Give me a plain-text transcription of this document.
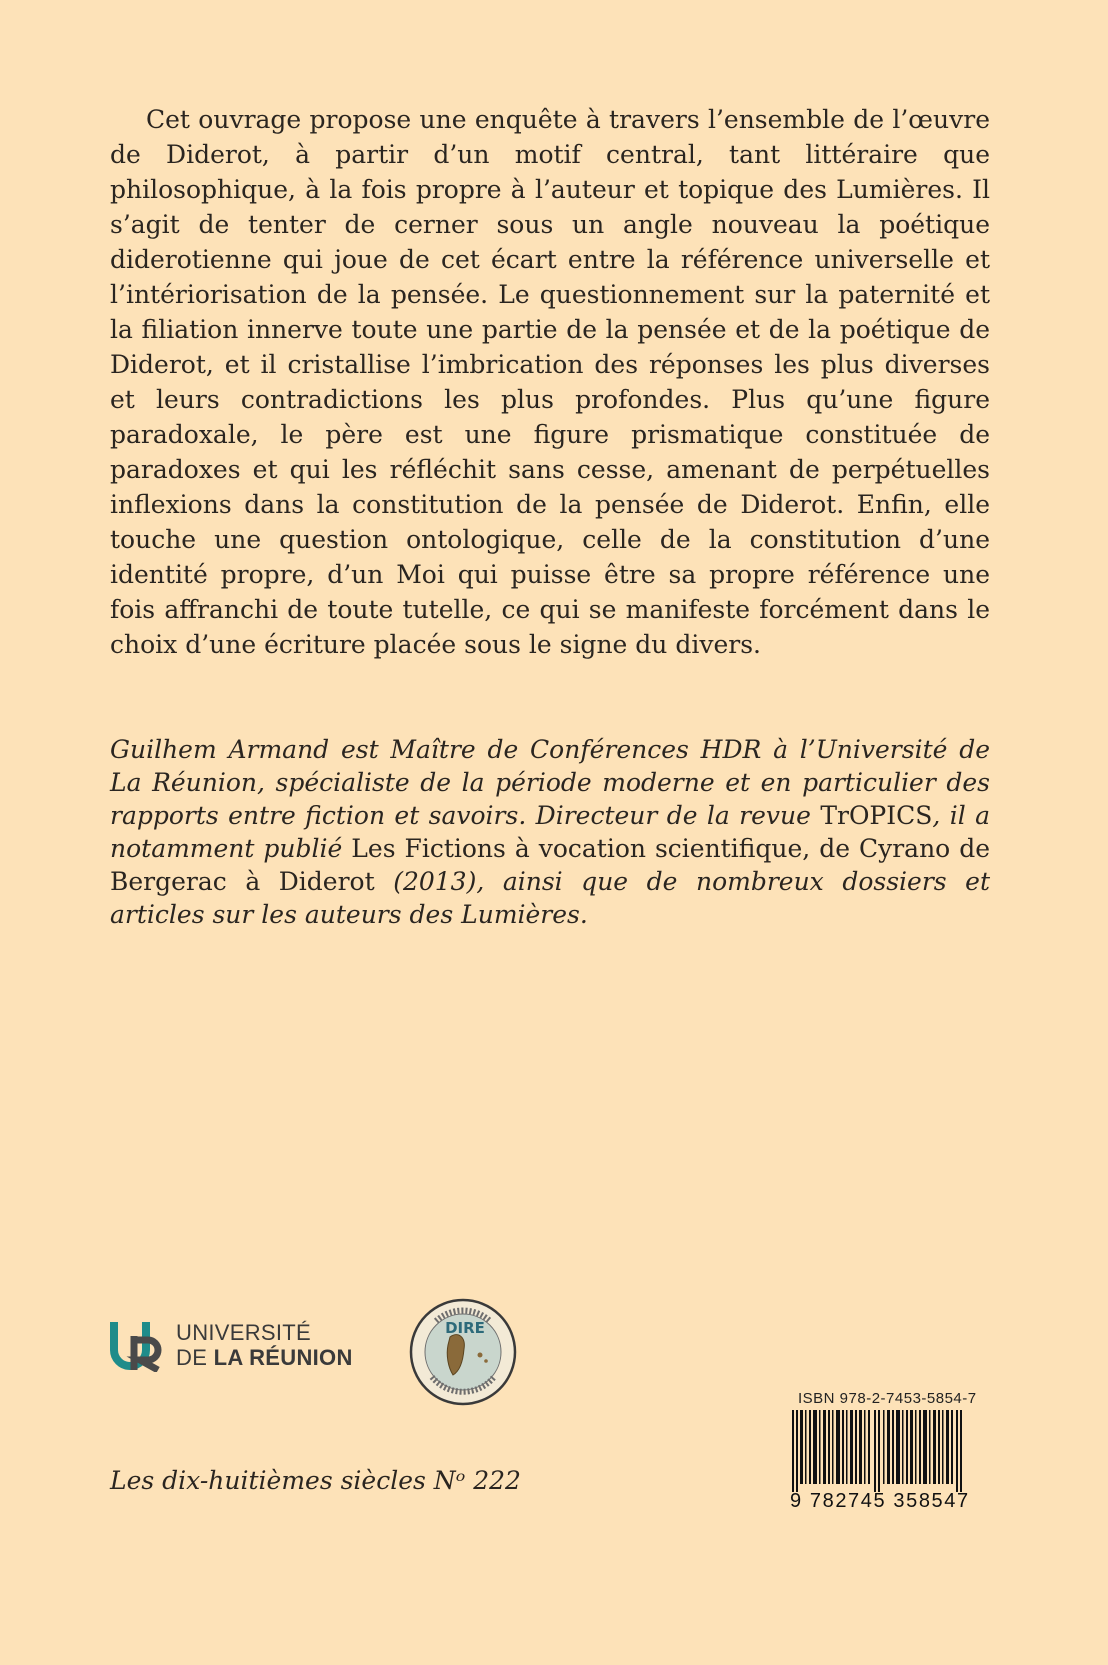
Cet ouvrage propose une enquête à travers l’ensemble de l’œuvre de Diderot, à partir d’un motif central, tant littéraire que philosophique, à la fois propre à l’auteur et topique des Lumières. Il s’agit de tenter de cerner sous un angle nouveau la poétique diderotienne qui joue de cet écart entre la référence universelle et l’intériorisation de la pensée. Le questionnement sur la paternité et la filiation innerve toute une partie de la pensée et de la poétique de Diderot, et il cristallise l’imbrication des réponses les plus diverses et leurs contradictions les plus profondes. Plus qu’une figure paradoxale, le père est une figure prismatique constituée de paradoxes et qui les réfléchit sans cesse, amenant de perpétuelles inflexions dans la constitution de la pensée de Diderot. Enfin, elle touche une question ontologique, celle de la constitution d’une identité propre, d’un Moi qui puisse être sa propre référence une fois affranchi de toute tutelle, ce qui se manifeste forcément dans le choix d’une écriture placée sous le signe du divers.

Guilhem Armand est Maître de Conférences HDR à l’Université de La Réunion, spécialiste de la période moderne et en particulier des rapports entre fiction et savoirs. Directeur de la revue TrOPICS, il a notamment publié Les Fictions à vocation scientifique, de Cyrano de Bergerac à Diderot (2013), ainsi que de nombreux dossiers et articles sur les auteurs des Lumières.

UNIVERSITÉ
DE LA RÉUNION
DIRE
ISBN 978-2-7453-5854-7
9 782745 358547
Les dix-huitièmes siècles Nᵒ 222
